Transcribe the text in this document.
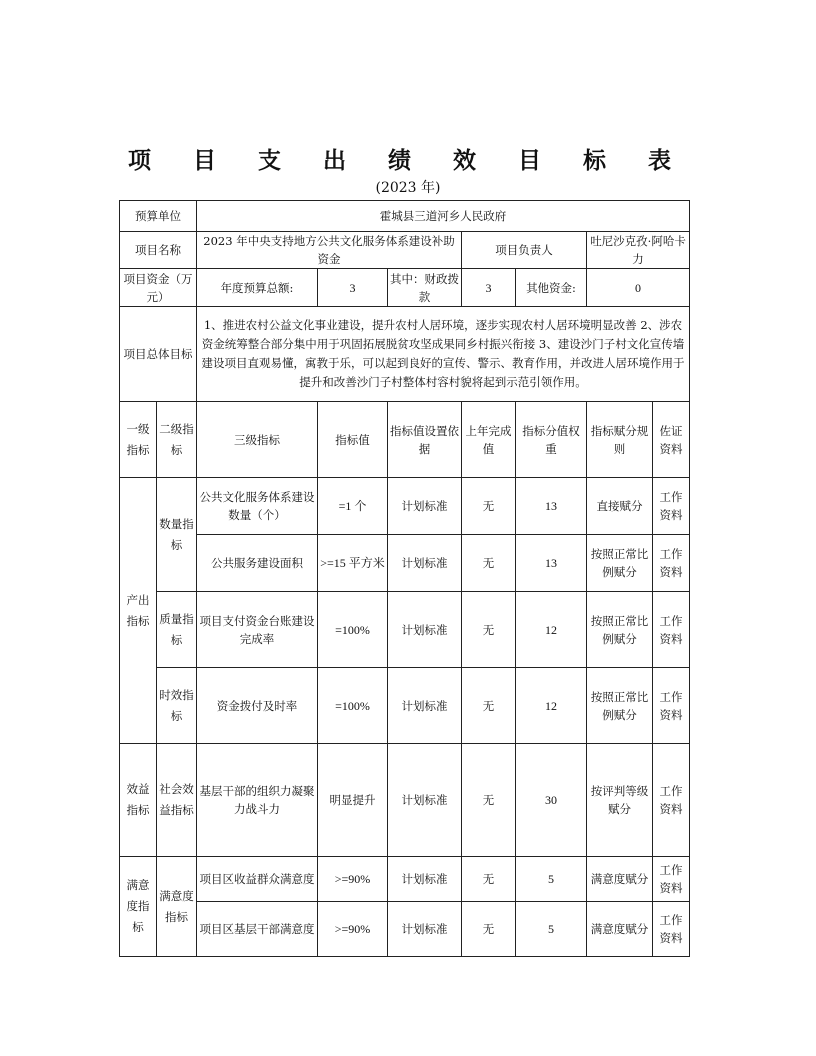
项 目 支 出 绩 效 目 标 表
(2023 年)
预算单位		霍城县三道河乡人民政府						
项目名称		2023 年中央支持地方公共文化服务体系建设补助资金			项目负责人		吐尼沙克孜·阿哈卡力	
项目资金（万元）		年度预算总额:	3	其中：财政拨款	3	其他资金:	0	
项目总体目标		1、推进农村公益文化事业建设，提升农村人居环境，逐步实现农村人居环境明显改善 2、涉农资金统筹整合部分集中用于巩固拓展脱贫攻坚成果同乡村振兴衔接 3、建设沙门子村文化宣传墙建设项目直观易懂，寓教于乐，可以起到良好的宣传、警示、教育作用，并改进人居环境作用于提升和改善沙门子村整体村容村貌将起到示范引领作用。						
一级指标	二级指标	三级指标	指标值	指标值设置依据	上年完成值	指标分值权重	指标赋分规则	佐证资料
产出指标	数量指标	公共文化服务体系建设数量（个）	=1 个	计划标准	无	13	直接赋分	工作资料
		公共服务建设面积	>=15 平方米	计划标准	无	13	按照正常比例赋分	工作资料
	质量指标	项目支付资金台账建设完成率	=100%	计划标准	无	12	按照正常比例赋分	工作资料
	时效指标	资金拨付及时率	=100%	计划标准	无	12	按照正常比例赋分	工作资料
效益指标	社会效益指标	基层干部的组织力凝聚力战斗力	明显提升	计划标准	无	30	按评判等级赋分	工作资料
满意度指标	满意度指标	项目区收益群众满意度	>=90%	计划标准	无	5	满意度赋分	工作资料
		项目区基层干部满意度	>=90%	计划标准	无	5	满意度赋分	工作资料
